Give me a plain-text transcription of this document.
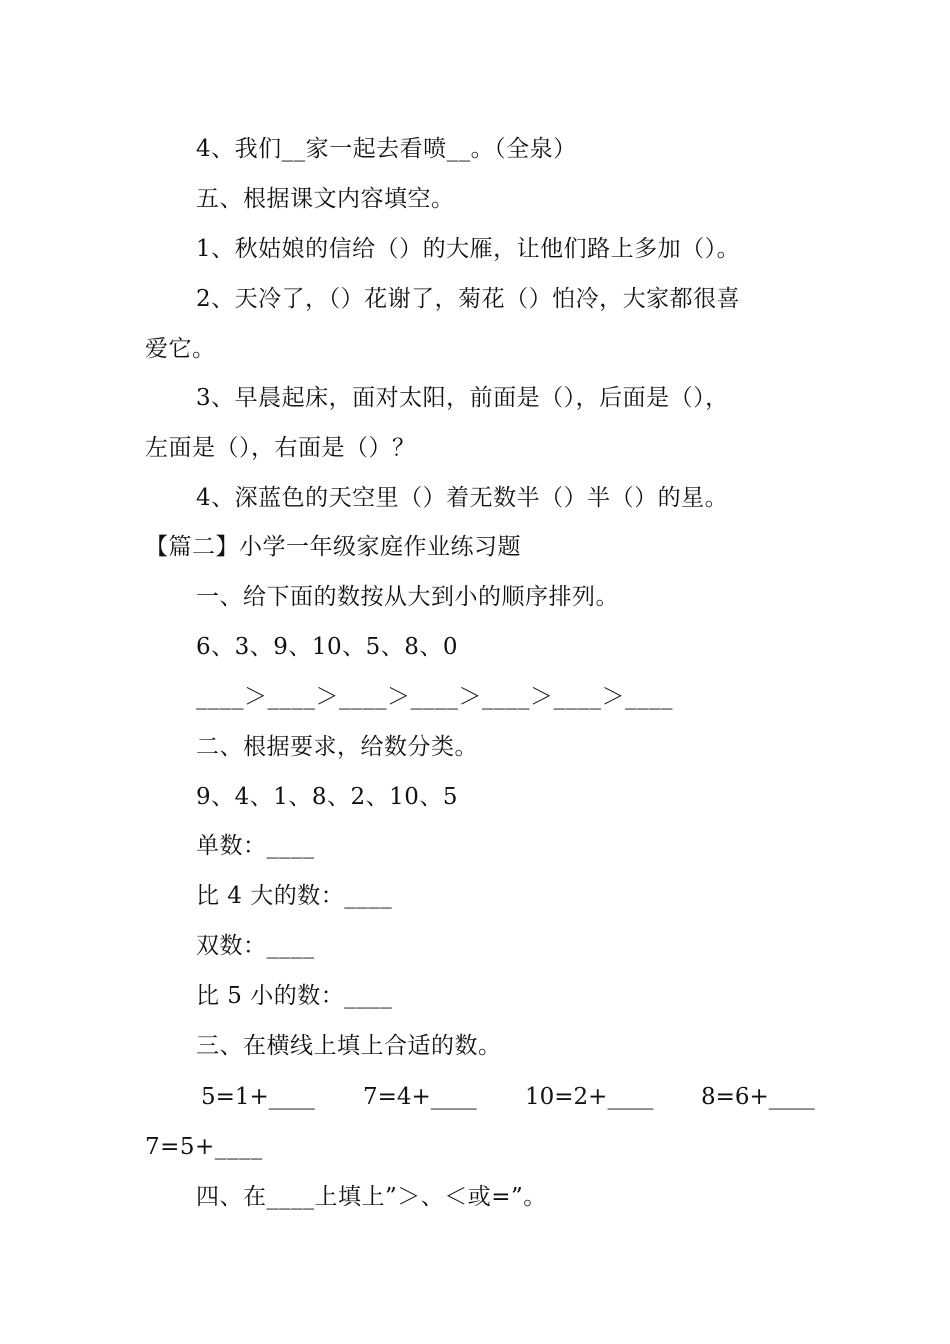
4、我们__家一起去看喷__。（全泉）
五、根据课文内容填空。
1、秋姑娘的信给（）的大雁，让他们路上多加（）。
2、天冷了，（）花谢了，菊花（）怕冷，大家都很喜
爱它。
3、早晨起床，面对太阳，前面是（），后面是（），
左面是（），右面是（）？
4、深蓝色的天空里（）着无数半（）半（）的星。
【篇二】小学一年级家庭作业练习题
一、给下面的数按从大到小的顺序排列。
6、3、9、10、5、8、0
____＞____＞____＞____＞____＞____＞____
二、根据要求，给数分类。
9、4、1、8、2、10、5
单数：____
比 4 大的数：____
双数：____
比 5 小的数：____
三、在横线上填上合适的数。
5=1+____ 7=4+____ 10=2+____ 8=6+____
7=5+____
四、在____上填上”＞、＜或=”。
